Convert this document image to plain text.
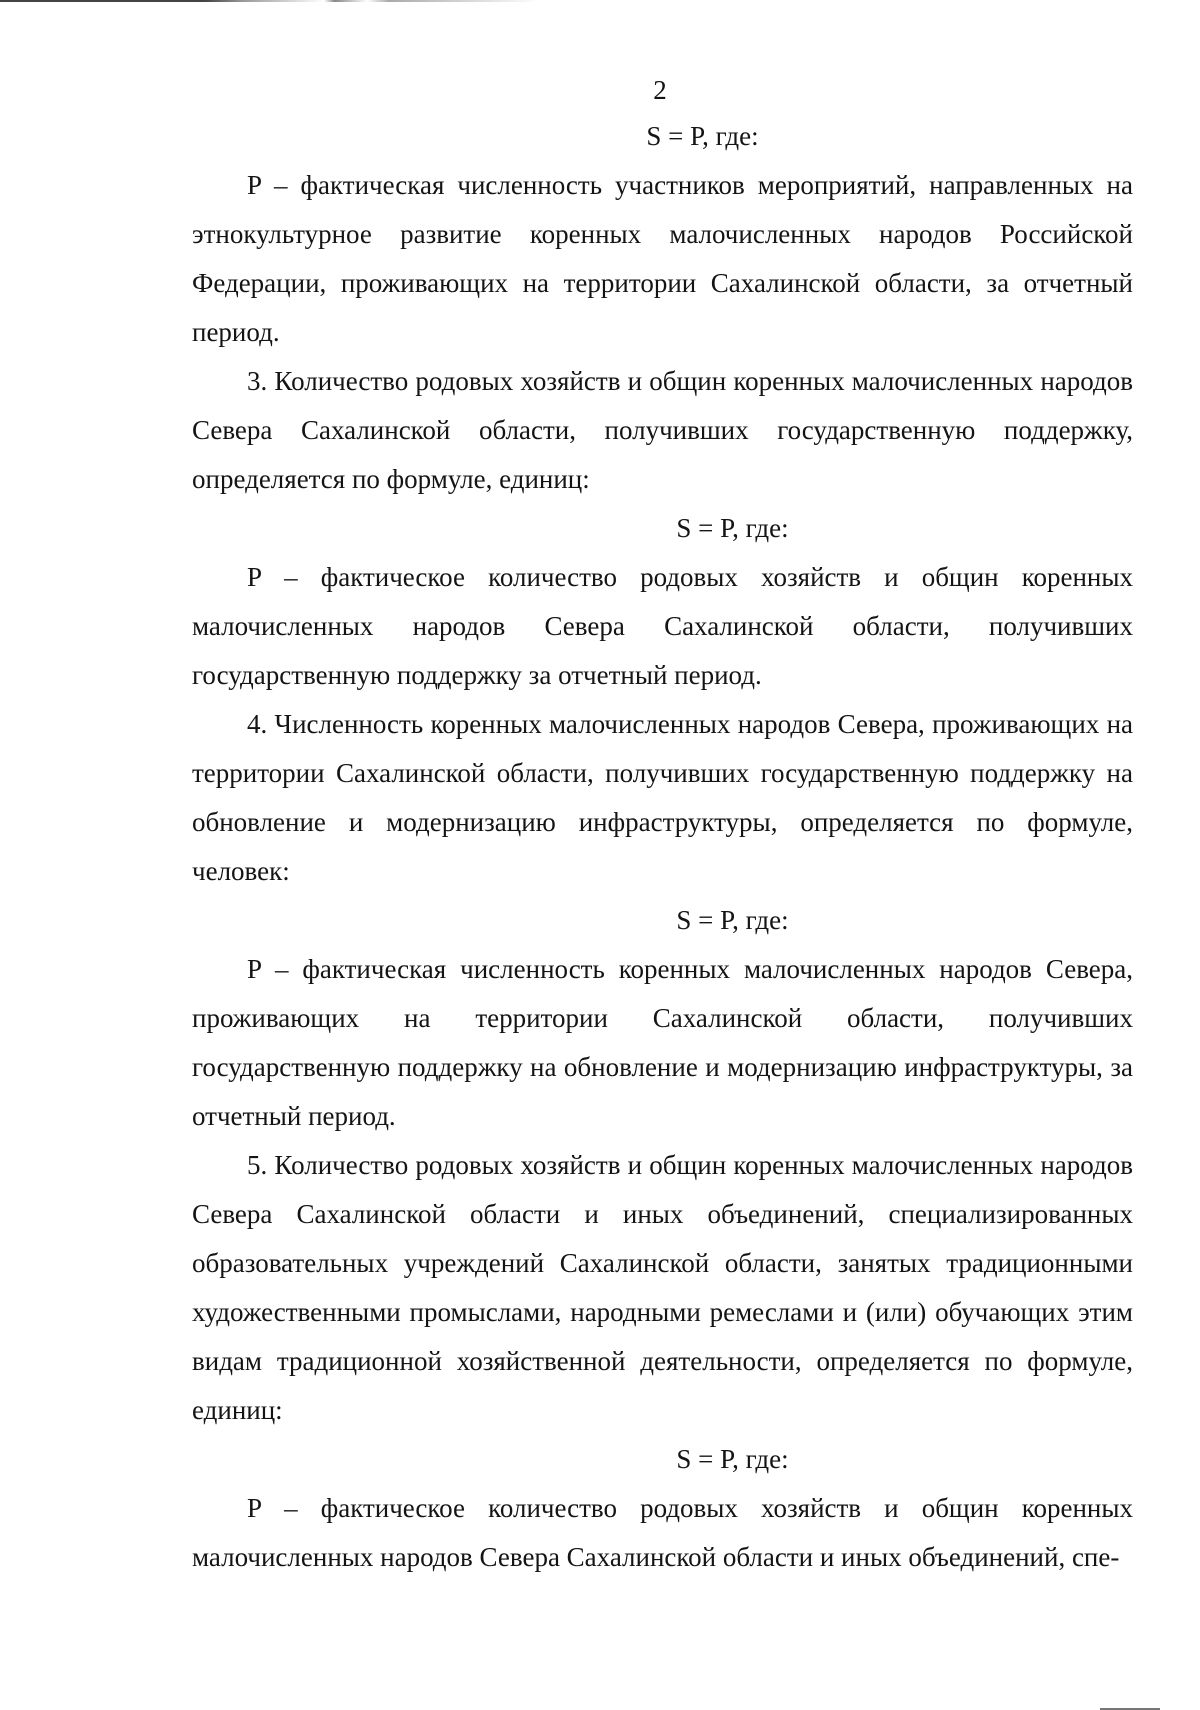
2

S = P, где:

P – фактическая численность участников мероприятий, направленных на этнокультурное развитие коренных малочисленных народов Российской Федерации, проживающих на территории Сахалинской области, за отчетный период.

3. Количество родовых хозяйств и общин коренных малочисленных народов Севера Сахалинской области, получивших государственную поддержку, определяется по формуле, единиц:

S = P, где:

P – фактическое количество родовых хозяйств и общин коренных малочисленных народов Севера Сахалинской области, получивших государственную поддержку за отчетный период.

4. Численность коренных малочисленных народов Севера, проживающих на территории Сахалинской области, получивших государственную поддержку на обновление и модернизацию инфраструктуры, определяется по формуле, человек:

S = P, где:

P – фактическая численность коренных малочисленных народов Севера, проживающих на территории Сахалинской области, получивших государственную поддержку на обновление и модернизацию инфраструктуры, за отчетный период.

5. Количество родовых хозяйств и общин коренных малочисленных народов Севера Сахалинской области и иных объединений, специализированных образовательных учреждений Сахалинской области, занятых традиционными художественными промыслами, народными ремеслами и (или) обучающих этим видам традиционной хозяйственной деятельности, определяется по формуле, единиц:

S = P, где:

P – фактическое количество родовых хозяйств и общин коренных малочисленных народов Севера Сахалинской области и иных объединений, спе-
